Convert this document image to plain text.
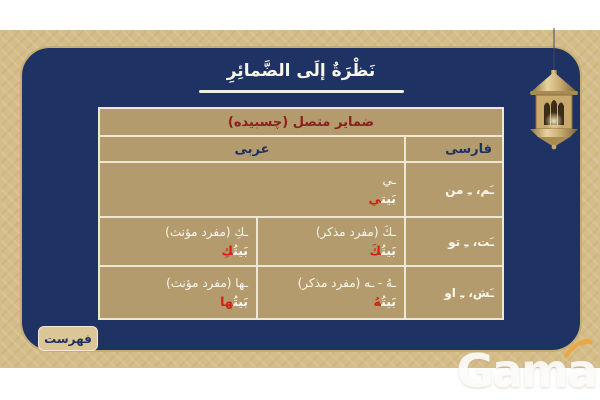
نَظْرَةٌ إلَى الضَّمائِرِ
ضمایر متصل (چسبیده)
فارسی
عربی
ـَم، ـِ من
ـي
بَيت‍‍ي
ـَت، ـِ تو
ـكَ (مفرد مذکر)
بَيتُ‍‍كَ
ـكِ (مفرد مؤنث)
بَيتُ‍‍كِ
ـَش، ـِ او
ـهُ - ـه (مفرد مذکر)
بَيتُ‍‍هُ
ـها (مفرد مؤنث)
بَيتُ‍‍ها
فهرست
Gama
